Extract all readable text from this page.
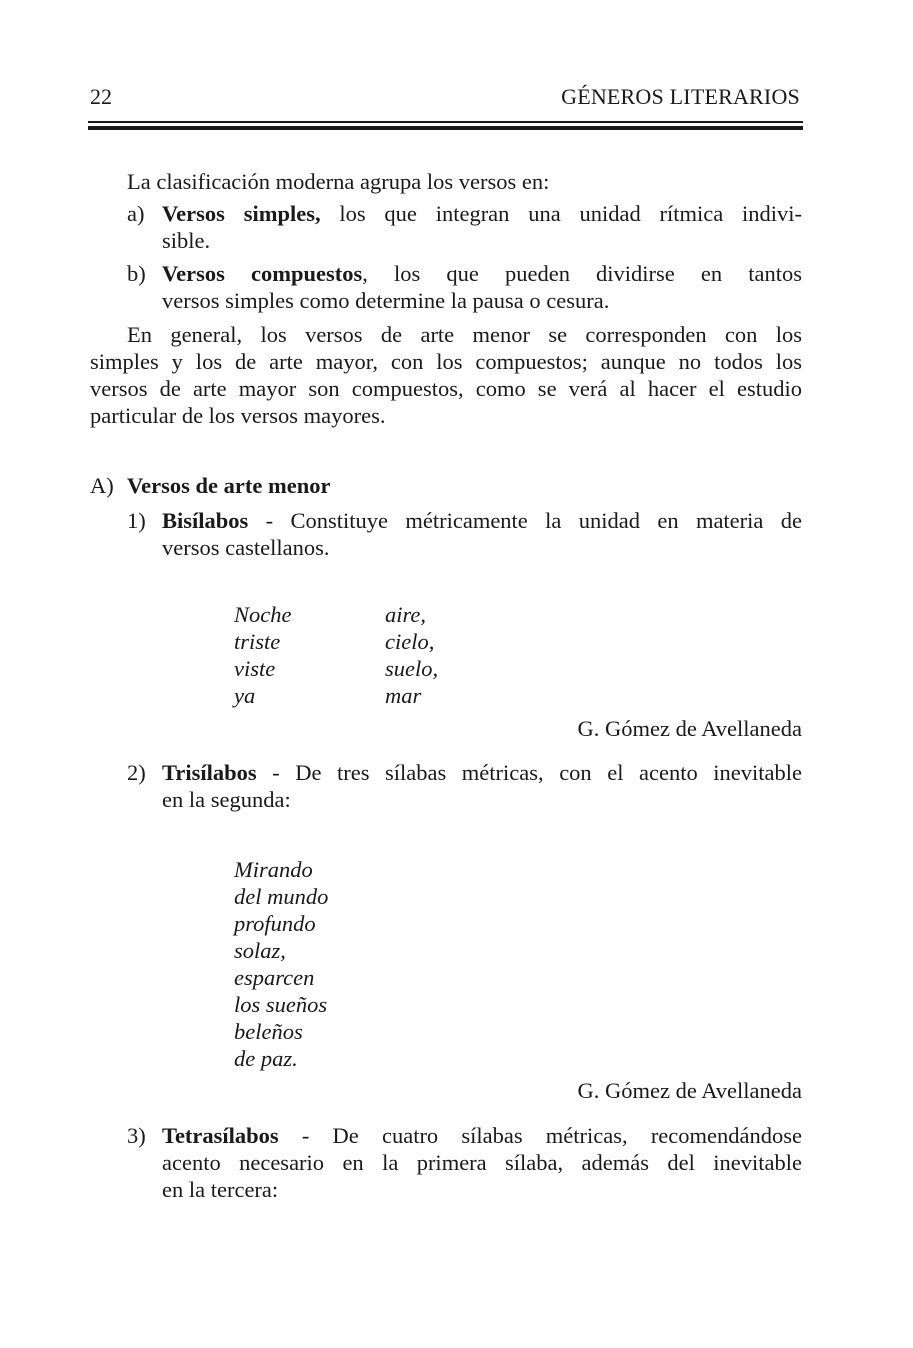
22	GÉNEROS LITERARIOS
La clasificación moderna agrupa los versos en:
a) Versos simples, los que integran una unidad rítmica indivi-
sible.
b) Versos compuestos, los que pueden dividirse en tantos
versos simples como determine la pausa o cesura.
En general, los versos de arte menor se corresponden con los
simples y los de arte mayor, con los compuestos; aunque no todos los
versos de arte mayor son compuestos, como se verá al hacer el estudio
particular de los versos mayores.
A) Versos de arte menor
1) Bisílabos - Constituye métricamente la unidad en materia de
versos castellanos.
Noche
triste
viste
ya
aire,
cielo,
suelo,
mar
G. Gómez de Avellaneda
2) Trisílabos - De tres sílabas métricas, con el acento inevitable
en la segunda:
Mirando
del mundo
profundo
solaz,
esparcen
los sueños
beleños
de paz.
G. Gómez de Avellaneda
3) Tetrasílabos - De cuatro sílabas métricas, recomendándose
acento necesario en la primera sílaba, además del inevitable
en la tercera:
